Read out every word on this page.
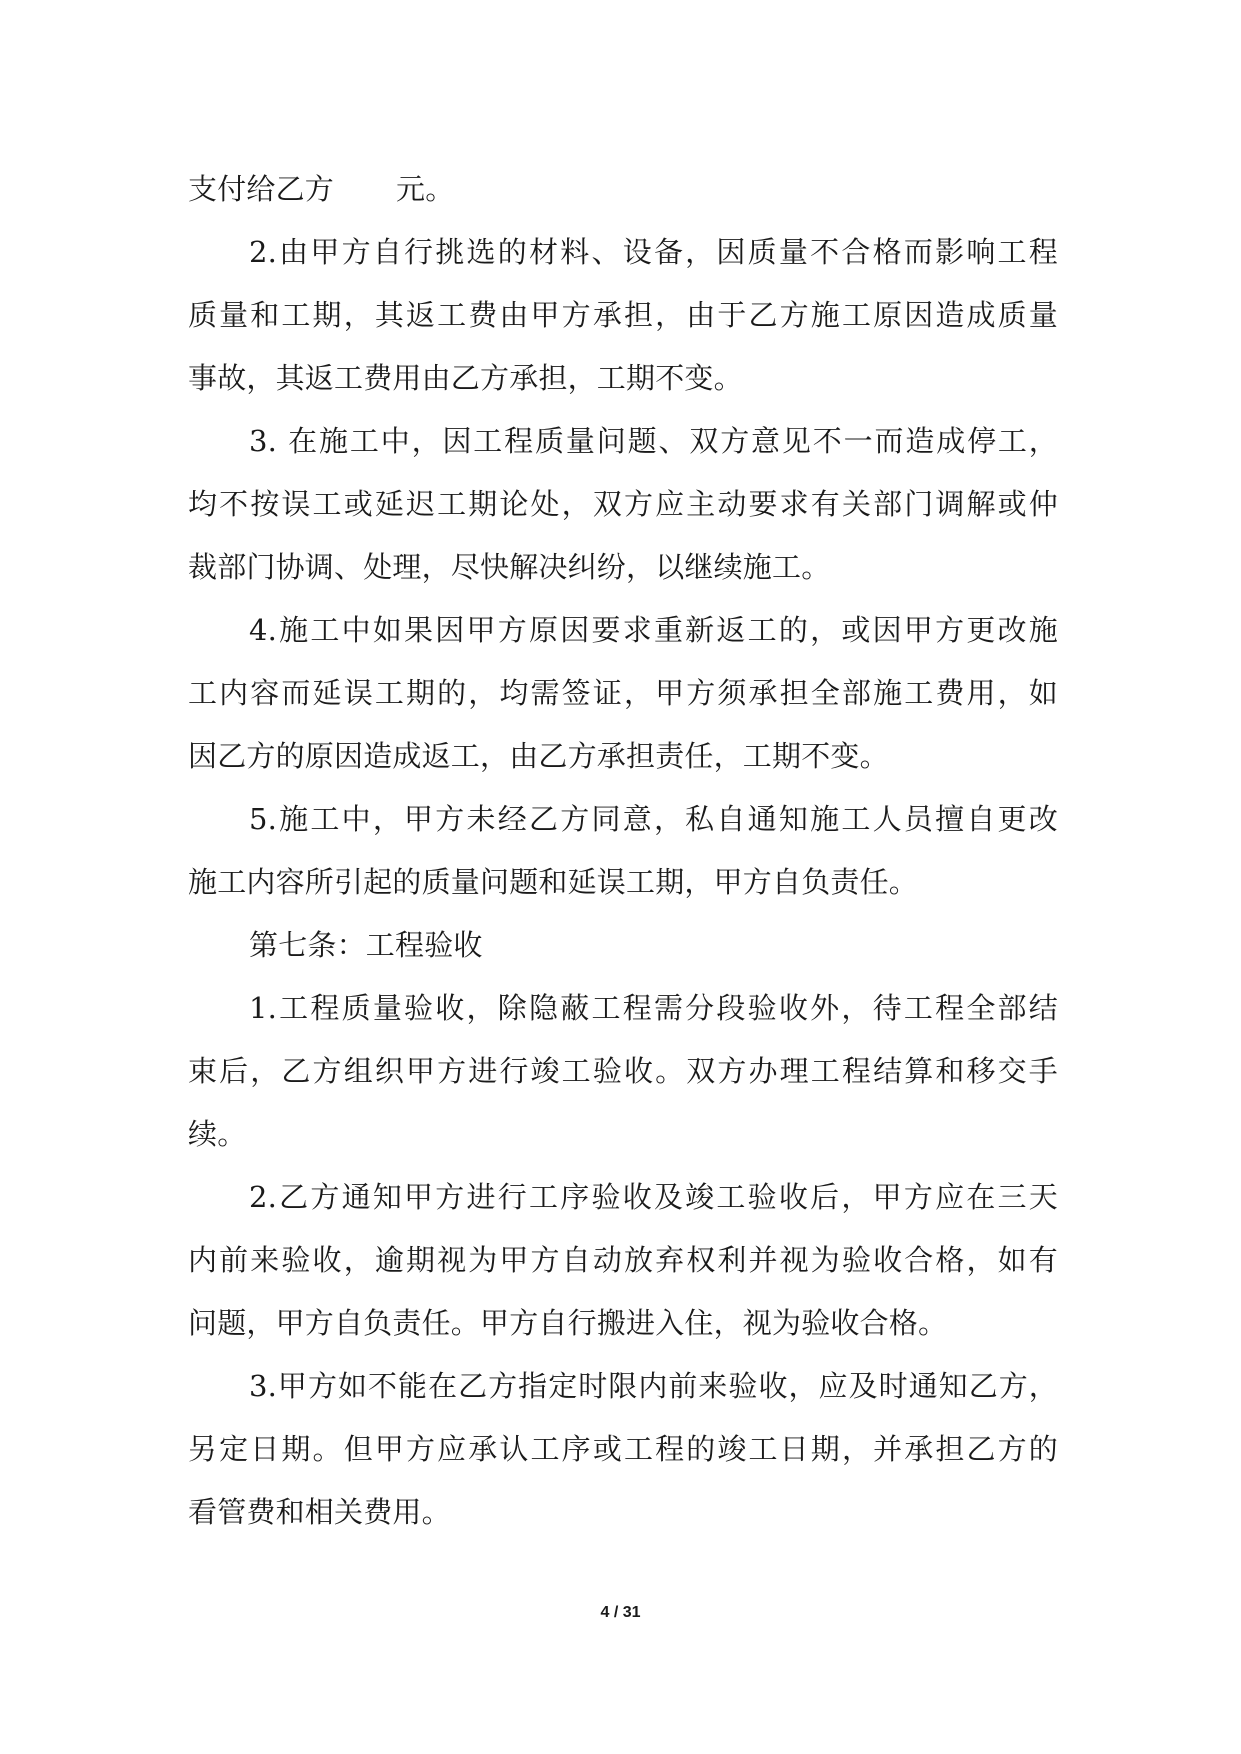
支付给乙方 元。
2.由甲方自行挑选的材料、设备，因质量不合格而影响工程
质量和工期，其返工费由甲方承担，由于乙方施工原因造成质量
事故，其返工费用由乙方承担，工期不变。
3. 在施工中，因工程质量问题、双方意见不一而造成停工，
均不按误工或延迟工期论处，双方应主动要求有关部门调解或仲
裁部门协调、处理，尽快解决纠纷，以继续施工。
4.施工中如果因甲方原因要求重新返工的，或因甲方更改施
工内容而延误工期的，均需签证，甲方须承担全部施工费用，如
因乙方的原因造成返工，由乙方承担责任，工期不变。
5.施工中，甲方未经乙方同意，私自通知施工人员擅自更改
施工内容所引起的质量问题和延误工期，甲方自负责任。
第七条：工程验收
1.工程质量验收，除隐蔽工程需分段验收外，待工程全部结
束后，乙方组织甲方进行竣工验收。双方办理工程结算和移交手
续。
2.乙方通知甲方进行工序验收及竣工验收后，甲方应在三天
内前来验收，逾期视为甲方自动放弃权利并视为验收合格，如有
问题，甲方自负责任。甲方自行搬进入住，视为验收合格。
3.甲方如不能在乙方指定时限内前来验收，应及时通知乙方，
另定日期。但甲方应承认工序或工程的竣工日期，并承担乙方的
看管费和相关费用。
4 / 31
